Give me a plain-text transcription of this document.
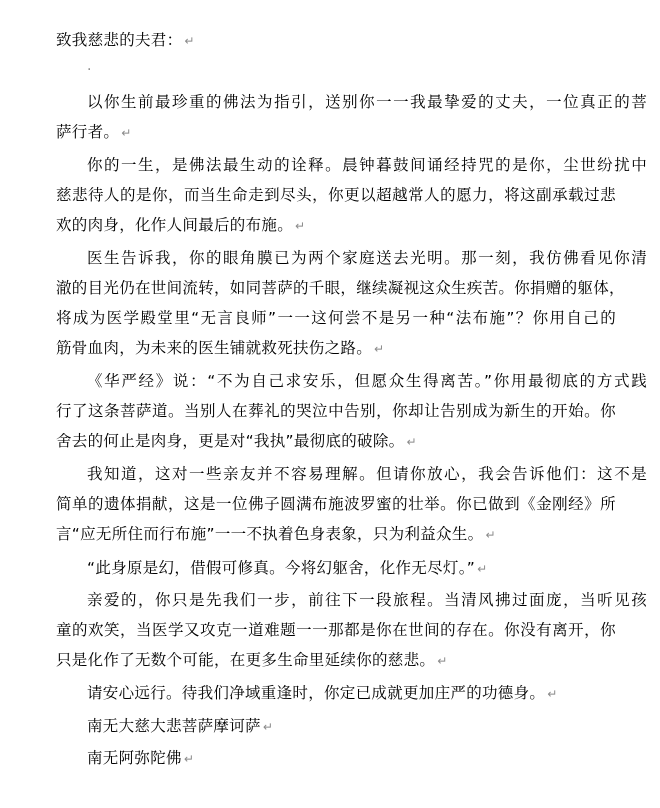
致我慈悲的夫君： ↵
·
以你生前最珍重的佛法为指引，送别你一一我最挚爱的丈夫，一位真正的菩
萨行者。 ↵
你的一生，是佛法最生动的诠释。晨钟暮鼓间诵经持咒的是你，尘世纷扰中
慈悲待人的是你，而当生命走到尽头，你更以超越常人的愿力，将这副承载过悲
欢的肉身，化作人间最后的布施。 ↵
医生告诉我，你的眼角膜已为两个家庭送去光明。那一刻，我仿佛看见你清
澈的目光仍在世间流转，如同菩萨的千眼，继续凝视这众生疾苦。你捐赠的躯体，
将成为医学殿堂里“无言良师”一一这何尝不是另一种“法布施”？你用自己的
筋骨血肉，为未来的医生铺就救死扶伤之路。 ↵
《华严经》说：“不为自己求安乐，但愿众生得离苦。”你用最彻底的方式践
行了这条菩萨道。当别人在葬礼的哭泣中告别，你却让告别成为新生的开始。你
舍去的何止是肉身，更是对“我执”最彻底的破除。 ↵
我知道，这对一些亲友并不容易理解。但请你放心，我会告诉他们：这不是
简单的遗体捐献，这是一位佛子圆满布施波罗蜜的壮举。你已做到《金刚经》所
言“应无所住而行布施”一一不执着色身表象，只为利益众生。 ↵
“此身原是幻，借假可修真。今将幻躯舍，化作无尽灯。” ↵
亲爱的，你只是先我们一步，前往下一段旅程。当清风拂过面庞，当听见孩
童的欢笑，当医学又攻克一道难题一一那都是你在世间的存在。你没有离开，你
只是化作了无数个可能，在更多生命里延续你的慈悲。 ↵
请安心远行。待我们净域重逢时，你定已成就更加庄严的功德身。 ↵
南无大慈大悲菩萨摩诃萨 ↵
南无阿弥陀佛 ↵
